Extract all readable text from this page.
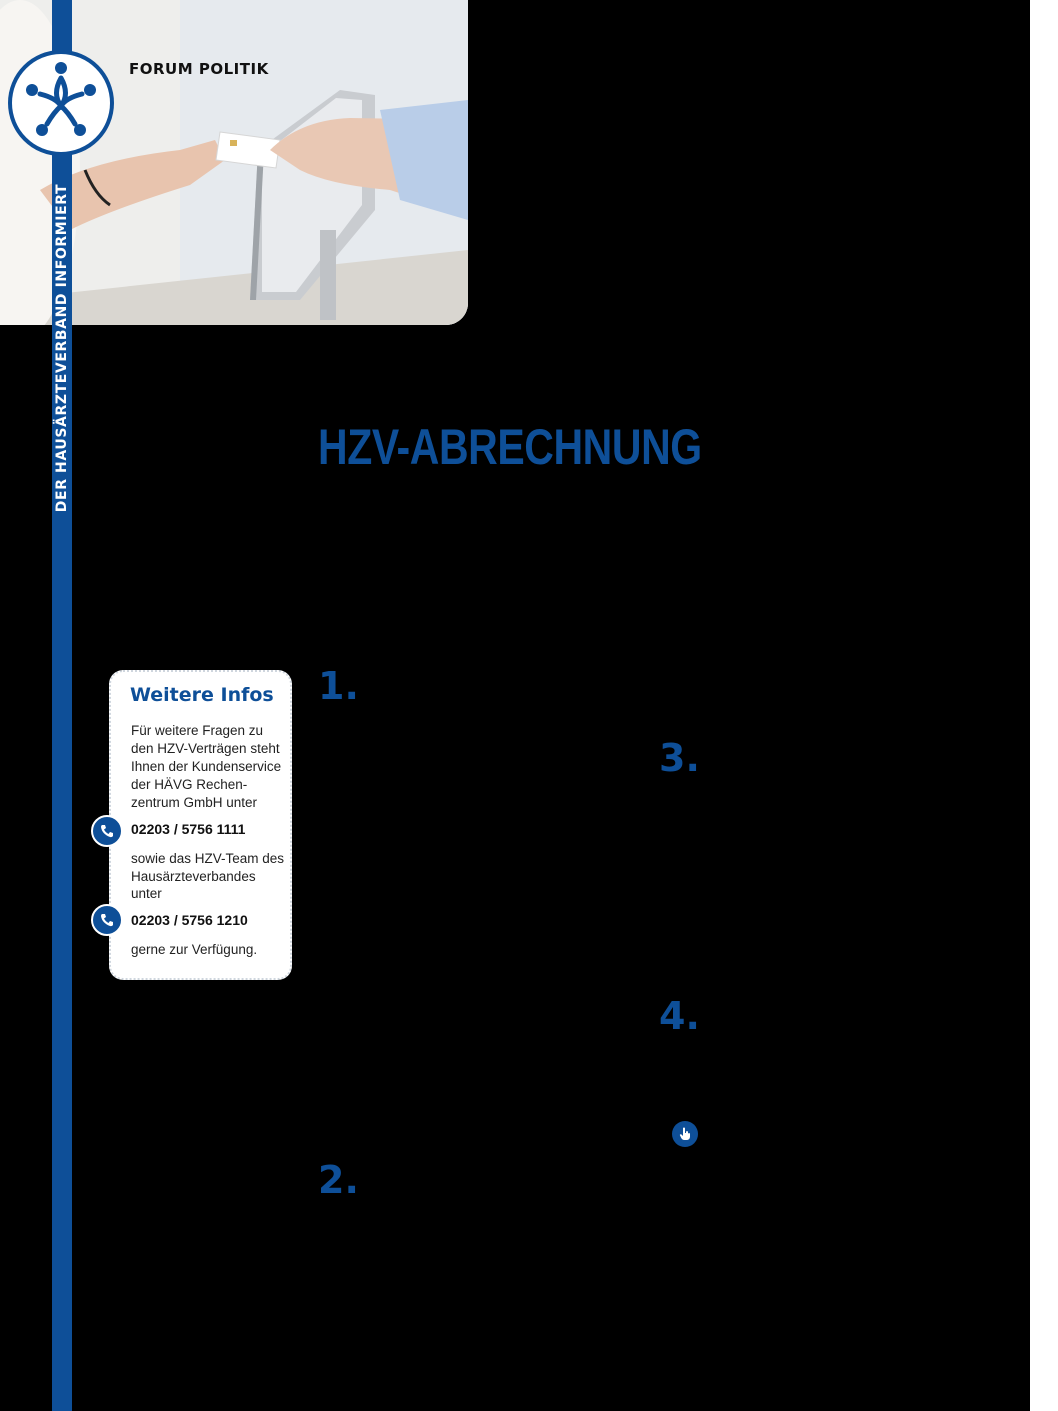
DER HAUSÄRZTEVERBAND INFORMIERT
FORUM POLITIK
HZV-ABRECHNUNG
1.
2.
3.
4.
Weitere Infos
Für weitere Fragen zu
den HZV-Verträgen steht
Ihnen der Kundenservice
der HÄVG Rechen-
zentrum GmbH unter
02203 / 5756 1111
sowie das HZV-Team des
Hausärzteverbandes
unter
02203 / 5756 1210
gerne zur Verfügung.
